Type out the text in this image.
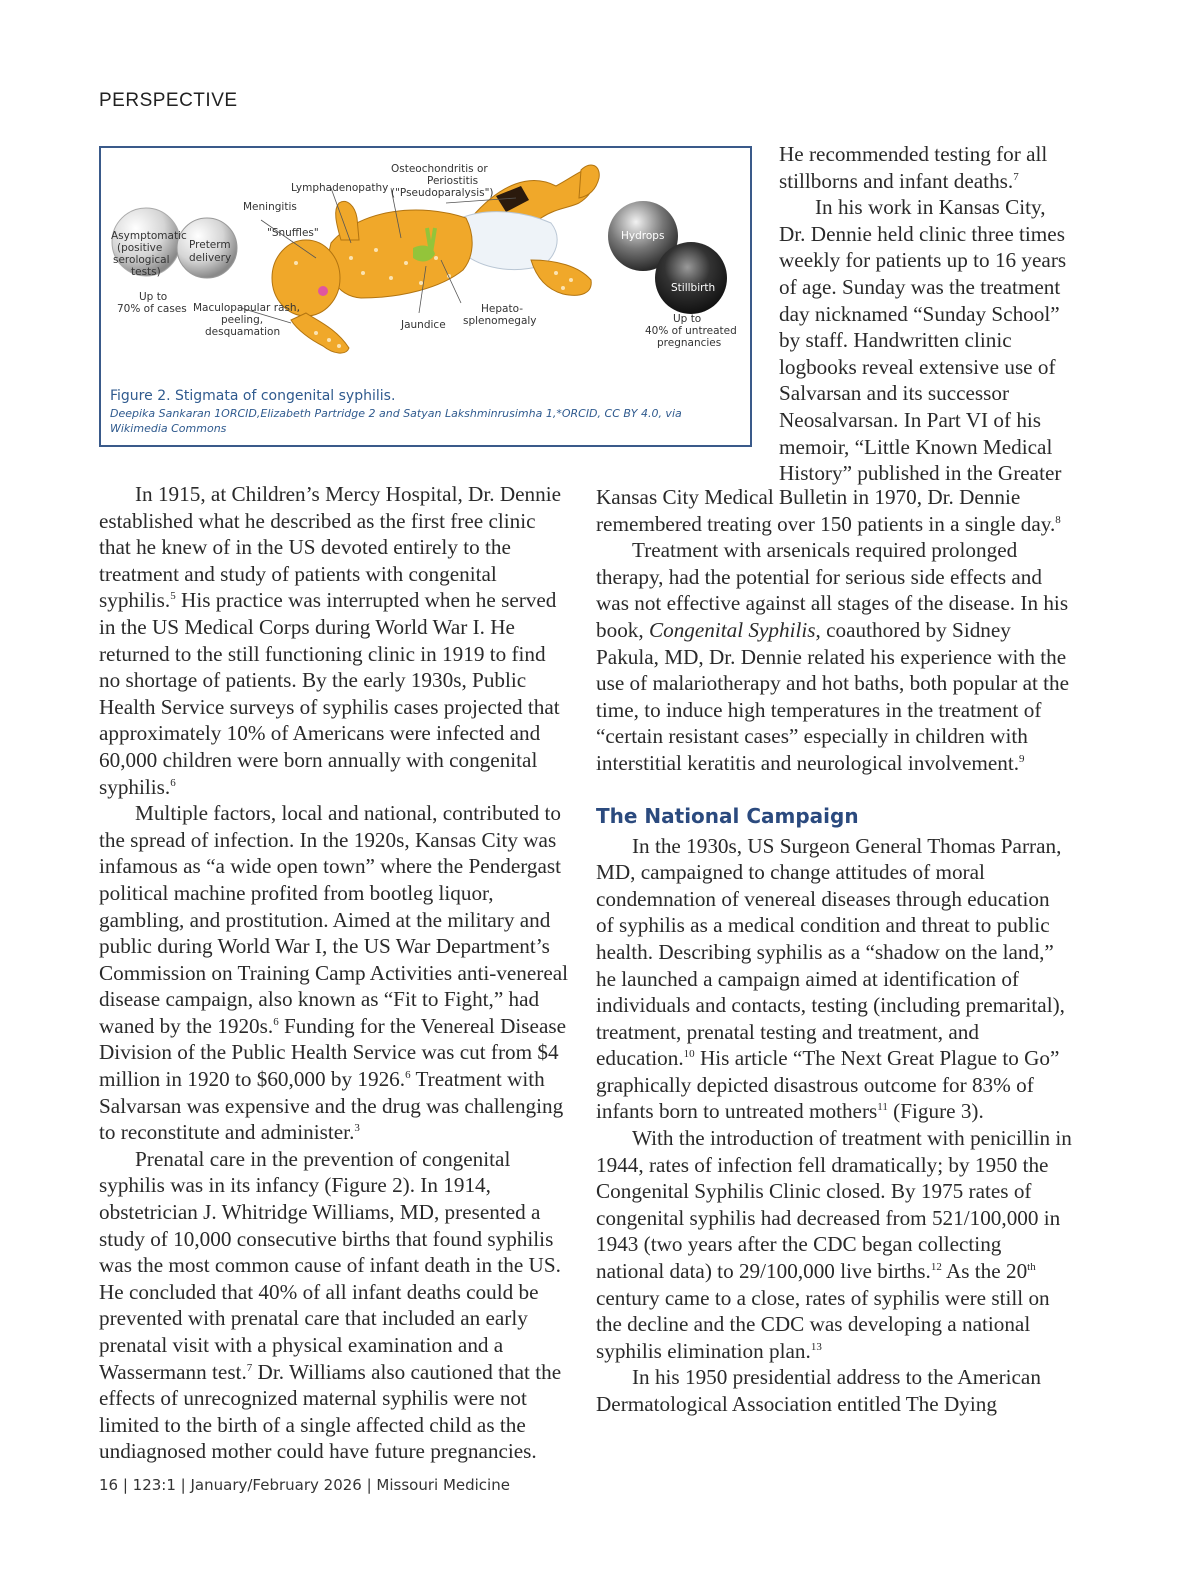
PERSPECTIVE
Asymptomatic
(positive
serological
tests)
Up to
70% of cases
Preterm
delivery
Meningitis
Lymphadenopathy
Osteochondritis or
Periostitis
("Pseudoparalysis")
"Snuffles"
Maculopapular rash,
peeling,
desquamation
Jaundice
Hepato-
splenomegaly
Hydrops
Stillbirth
Up to
40% of untreated
pregnancies
Figure 2. Stigmata of congenital syphilis.
Deepika Sankaran 1ORCID,Elizabeth Partridge 2 and Satyan Lakshminrusimha 1,*ORCID, CC BY 4.0, via Wikimedia Commons

He recommended testing for all stillborns and infant deaths.$^7$

In his work in Kansas City, Dr. Dennie held clinic three times weekly for patients up to 16 years of age. Sunday was the treatment day nicknamed “Sunday School” by staff. Handwritten clinic logbooks reveal extensive use of Salvarsan and its successor Neosalvarsan. In Part VI of his memoir, “Little Known Medical History” published in the Greater

In 1915, at Children’s Mercy Hospital, Dr. Dennie established what he described as the first free clinic that he knew of in the US devoted entirely to the treatment and study of patients with congenital syphilis.$^5$ His practice was interrupted when he served in the US Medical Corps during World War I. He returned to the still functioning clinic in 1919 to find no shortage of patients. By the early 1930s, Public Health Service surveys of syphilis cases projected that approximately 10% of Americans were infected and 60,000 children were born annually with congenital syphilis.$^6$

Multiple factors, local and national, contributed to the spread of infection. In the 1920s, Kansas City was infamous as “a wide open town” where the Pendergast political machine profited from bootleg liquor, gambling, and prostitution. Aimed at the military and public during World War I, the US War Department’s Commission on Training Camp Activities anti-venereal disease campaign, also known as “Fit to Fight,” had waned by the 1920s.$^6$ Funding for the Venereal Disease Division of the Public Health Service was cut from $4 million in 1920 to $60,000 by 1926.$^6$ Treatment with Salvarsan was expensive and the drug was challenging to reconstitute and administer.$^3$

Prenatal care in the prevention of congenital syphilis was in its infancy (Figure 2). In 1914, obstetrician J. Whitridge Williams, MD, presented a study of 10,000 consecutive births that found syphilis was the most common cause of infant death in the US. He concluded that 40% of all infant deaths could be prevented with prenatal care that included an early prenatal visit with a physical examination and a Wassermann test.$^7$ Dr. Williams also cautioned that the effects of unrecognized maternal syphilis were not limited to the birth of a single affected child as the undiagnosed mother could have future pregnancies.

Kansas City Medical Bulletin in 1970, Dr. Dennie remembered treating over 150 patients in a single day.$^8$

Treatment with arsenicals required prolonged therapy, had the potential for serious side effects and was not effective against all stages of the disease. In his book, Congenital Syphilis, coauthored by Sidney Pakula, MD, Dr. Dennie related his experience with the use of malariotherapy and hot baths, both popular at the time, to induce high temperatures in the treatment of “certain resistant cases” especially in children with interstitial keratitis and neurological involvement.$^9$

The National Campaign

In the 1930s, US Surgeon General Thomas Parran, MD, campaigned to change attitudes of moral condemnation of venereal diseases through education of syphilis as a medical condition and threat to public health. Describing syphilis as a “shadow on the land,” he launched a campaign aimed at identification of individuals and contacts, testing (including premarital), treatment, prenatal testing and treatment, and education.$^{10}$ His article “The Next Great Plague to Go” graphically depicted disastrous outcome for 83% of infants born to untreated mothers$^{11}$ (Figure 3).

With the introduction of treatment with penicillin in 1944, rates of infection fell dramatically; by 1950 the Congenital Syphilis Clinic closed. By 1975 rates of congenital syphilis had decreased from 521/100,000 in 1943 (two years after the CDC began collecting national data) to 29/100,000 live births.$^{12}$ As the 20th century came to a close, rates of syphilis were still on the decline and the CDC was developing a national syphilis elimination plan.$^{13}$

In his 1950 presidential address to the American Dermatological Association entitled The Dying

16 | 123:1 | January/February 2026 | Missouri Medicine
